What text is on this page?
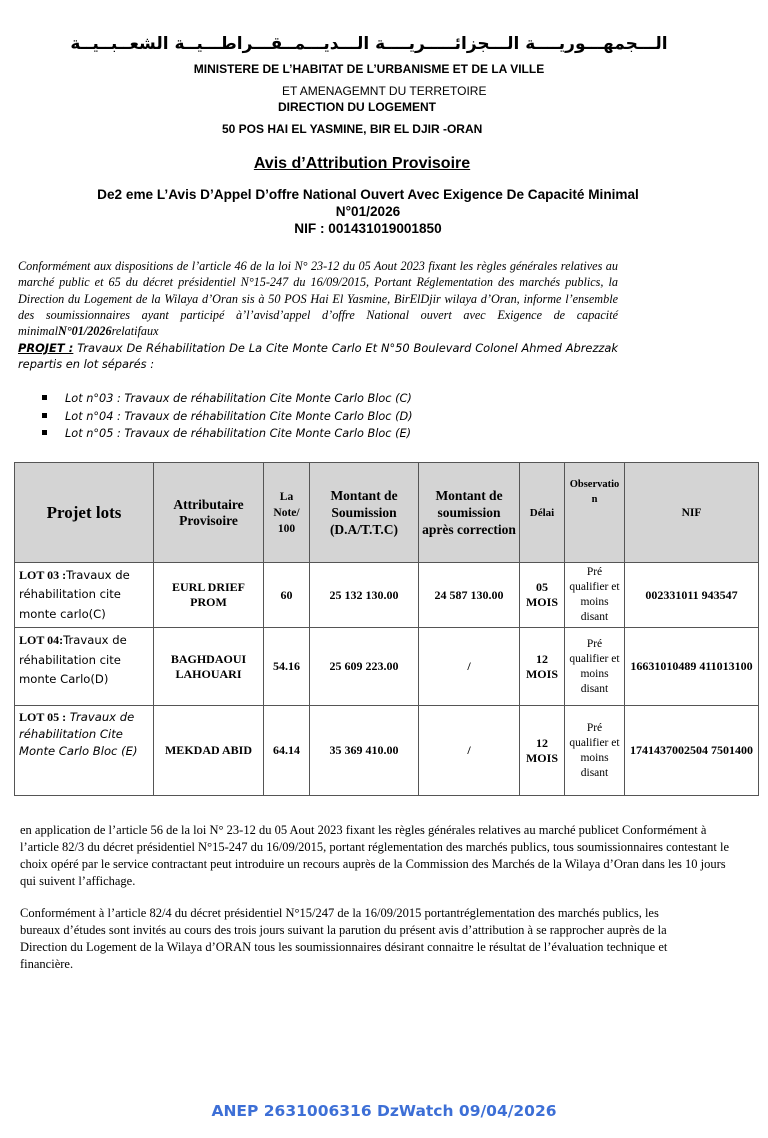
الـــجمهـــوريــــة الـــجزائـــــريــــة الـــديـــمــقـــراطـــيــة الشعــبــيــة
MINISTERE DE L’HABITAT DE L’URBANISME ET DE LA VILLE
ET AMENAGEMNT DU TERRETOIRE
DIRECTION DU LOGEMENT
50 POS HAI EL YASMINE, BIR EL DJIR -ORAN
Avis d’Attribution Provisoire
De2 eme L’Avis D’Appel D’offre National Ouvert Avec Exigence De Capacité Minimal
N°01/2026
NIF : 001431019001850
Conformément aux dispositions de l’article 46 de la loi N° 23-12 du 05 Aout 2023 fixant les règles générales relatives au marché public et 65 du décret présidentiel N°15-247 du 16/09/2015, Portant Réglementation des marchés publics, la Direction du Logement de la Wilaya d’Oran sis à 50 POS Hai El Yasmine, BirElDjir wilaya d’Oran, informe l’ensemble des soumissionnaires ayant participé à’l’avisd’appel d’offre National ouvert avec Exigence de capacité minimalN°01/2026relatifaux
PROJET : Travaux De Réhabilitation De La Cite Monte Carlo Et N°50 Boulevard Colonel Ahmed Abrezzak repartis en lot séparés :
Lot n°03 : Travaux de réhabilitation Cite Monte Carlo Bloc (C)
Lot n°04 : Travaux de réhabilitation Cite Monte Carlo Bloc (D)
Lot n°05 : Travaux de réhabilitation Cite Monte Carlo Bloc (E)
Projet lots	Attributaire Provisoire	La Note/ 100	Montant de Soumission (D.A/T.T.C)	Montant de soumission après correction	Délai	Observation	NIF
LOT 03 :Travaux de réhabilitation cite monte carlo(C)	EURL DRIEF PROM	60	25 132 130.00	24 587 130.00	05 MOIS	Pré qualifier et moins disant	002331011 943547
LOT 04:Travaux de réhabilitation cite monte Carlo(D)	BAGHDAOUI LAHOUARI	54.16	25 609 223.00	/	12 MOIS	Pré qualifier et moins disant	16631010489 411013100
LOT 05 : Travaux de réhabilitation Cite Monte Carlo Bloc (E)	MEKDAD ABID	64.14	35 369 410.00	/	12 MOIS	Pré qualifier et moins disant	1741437002504 7501400
en application de l’article 56 de la loi N° 23-12 du 05 Aout 2023 fixant les règles générales relatives au marché publicet Conformément à l’article 82/3 du décret présidentiel N°15-247 du 16/09/2015, portant réglementation des marchés publics, tous soumissionnaires contestant le choix opéré par le service contractant peut introduire un recours auprès de la Commission des Marchés de la Wilaya d’Oran dans les 10 jours qui suivent l’affichage.
Conformément à l’article 82/4 du décret présidentiel N°15/247 de la 16/09/2015 portantréglementation des marchés publics, les bureaux d’études sont invités au cours des trois jours suivant la parution du présent avis d’attribution à se rapprocher auprès de la Direction du Logement de la Wilaya d’ORAN tous les soumissionnaires désirant connaitre le résultat de l’évaluation technique et financière.
ANEP 2631006316 DzWatch 09/04/2026
